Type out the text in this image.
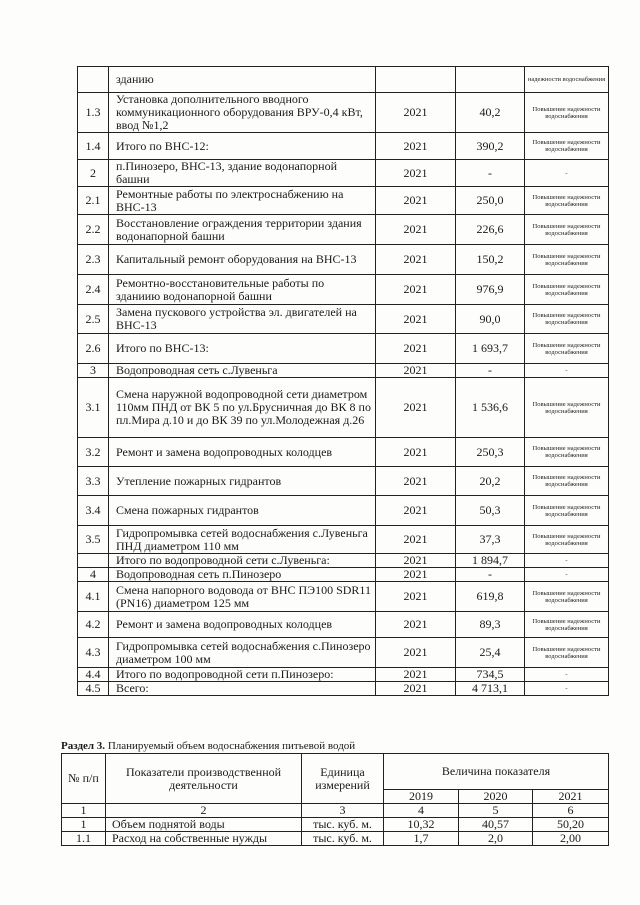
	зданию			надежности водоснабжения
1.3	Установка дополнительного вводного коммуникационного оборудования ВРУ-0,4 кВт, ввод №1,2	2021	40,2	Повышение надежности водоснабжения
1.4	Итого по ВНС-12:	2021	390,2	Повышение надежности водоснабжения
2	п.Пинозеро, ВНС-13, здание водонапорной башни	2021	-	-
2.1	Ремонтные работы по электроснабжению на ВНС-13	2021	250,0	Повышение надежности водоснабжения
2.2	Восстановление ограждения территории здания водонапорной башни	2021	226,6	Повышение надежности водоснабжения
2.3	Капитальный ремонт оборудования на ВНС-13	2021	150,2	Повышение надежности водоснабжения
2.4	Ремонтно-восстановительные работы по зданиию водонапорной башни	2021	976,9	Повышение надежности водоснабжения
2.5	Замена пускового устройства эл. двигателей на ВНС-13	2021	90,0	Повышение надежности водоснабжения
2.6	Итого по ВНС-13:	2021	1 693,7	Повышение надежности водоснабжения
3	Водопроводная сеть с.Лувеньга	2021	-	-
3.1	Смена наружной водопроводной сети диаметром 110мм ПНД от ВК 5 по ул.Брусничная до ВК 8 по пл.Мира д.10 и до ВК 39 по ул.Молодежная д.26	2021	1 536,6	Повышение надежности водоснабжения
3.2	Ремонт и замена водопроводных колодцев	2021	250,3	Повышение надежности водоснабжения
3.3	Утепление пожарных гидрантов	2021	20,2	Повышение надежности водоснабжения
3.4	Смена пожарных гидрантов	2021	50,3	Повышение надежности водоснабжения
3.5	Гидропромывка сетей водоснабжения с.Лувеньга ПНД диаметром 110 мм	2021	37,3	Повышение надежности водоснабжения
	Итого по водопроводной сети с.Лувеньга:	2021	1 894,7	-
4	Водопроводная сеть п.Пинозеро	2021	-	-
4.1	Смена напорного водовода от ВНС ПЭ100 SDR11 (PN16) диаметром 125 мм	2021	619,8	Повышение надежности водоснабжения
4.2	Ремонт и замена водопроводных колодцев	2021	89,3	Повышение надежности водоснабжения
4.3	Гидропромывка сетей водоснабжения с.Пинозеро диаметром 100 мм	2021	25,4	Повышение надежности водоснабжения
4.4	Итого по водопроводной сети п.Пинозеро:	2021	734,5	-
4.5	Всего:	2021	4 713,1	-
Раздел 3. Планируемый объем водоснабжения питьевой водой
№ п/п	Показатели производственной деятельности	Единица измерений	Величина показателя		
			2019	2020	2021
1	2	3	4	5	6
1	Объем поднятой воды	тыс. куб. м.	10,32	40,57	50,20
1.1	Расход на собственные нужды	тыс. куб. м.	1,7	2,0	2,00
